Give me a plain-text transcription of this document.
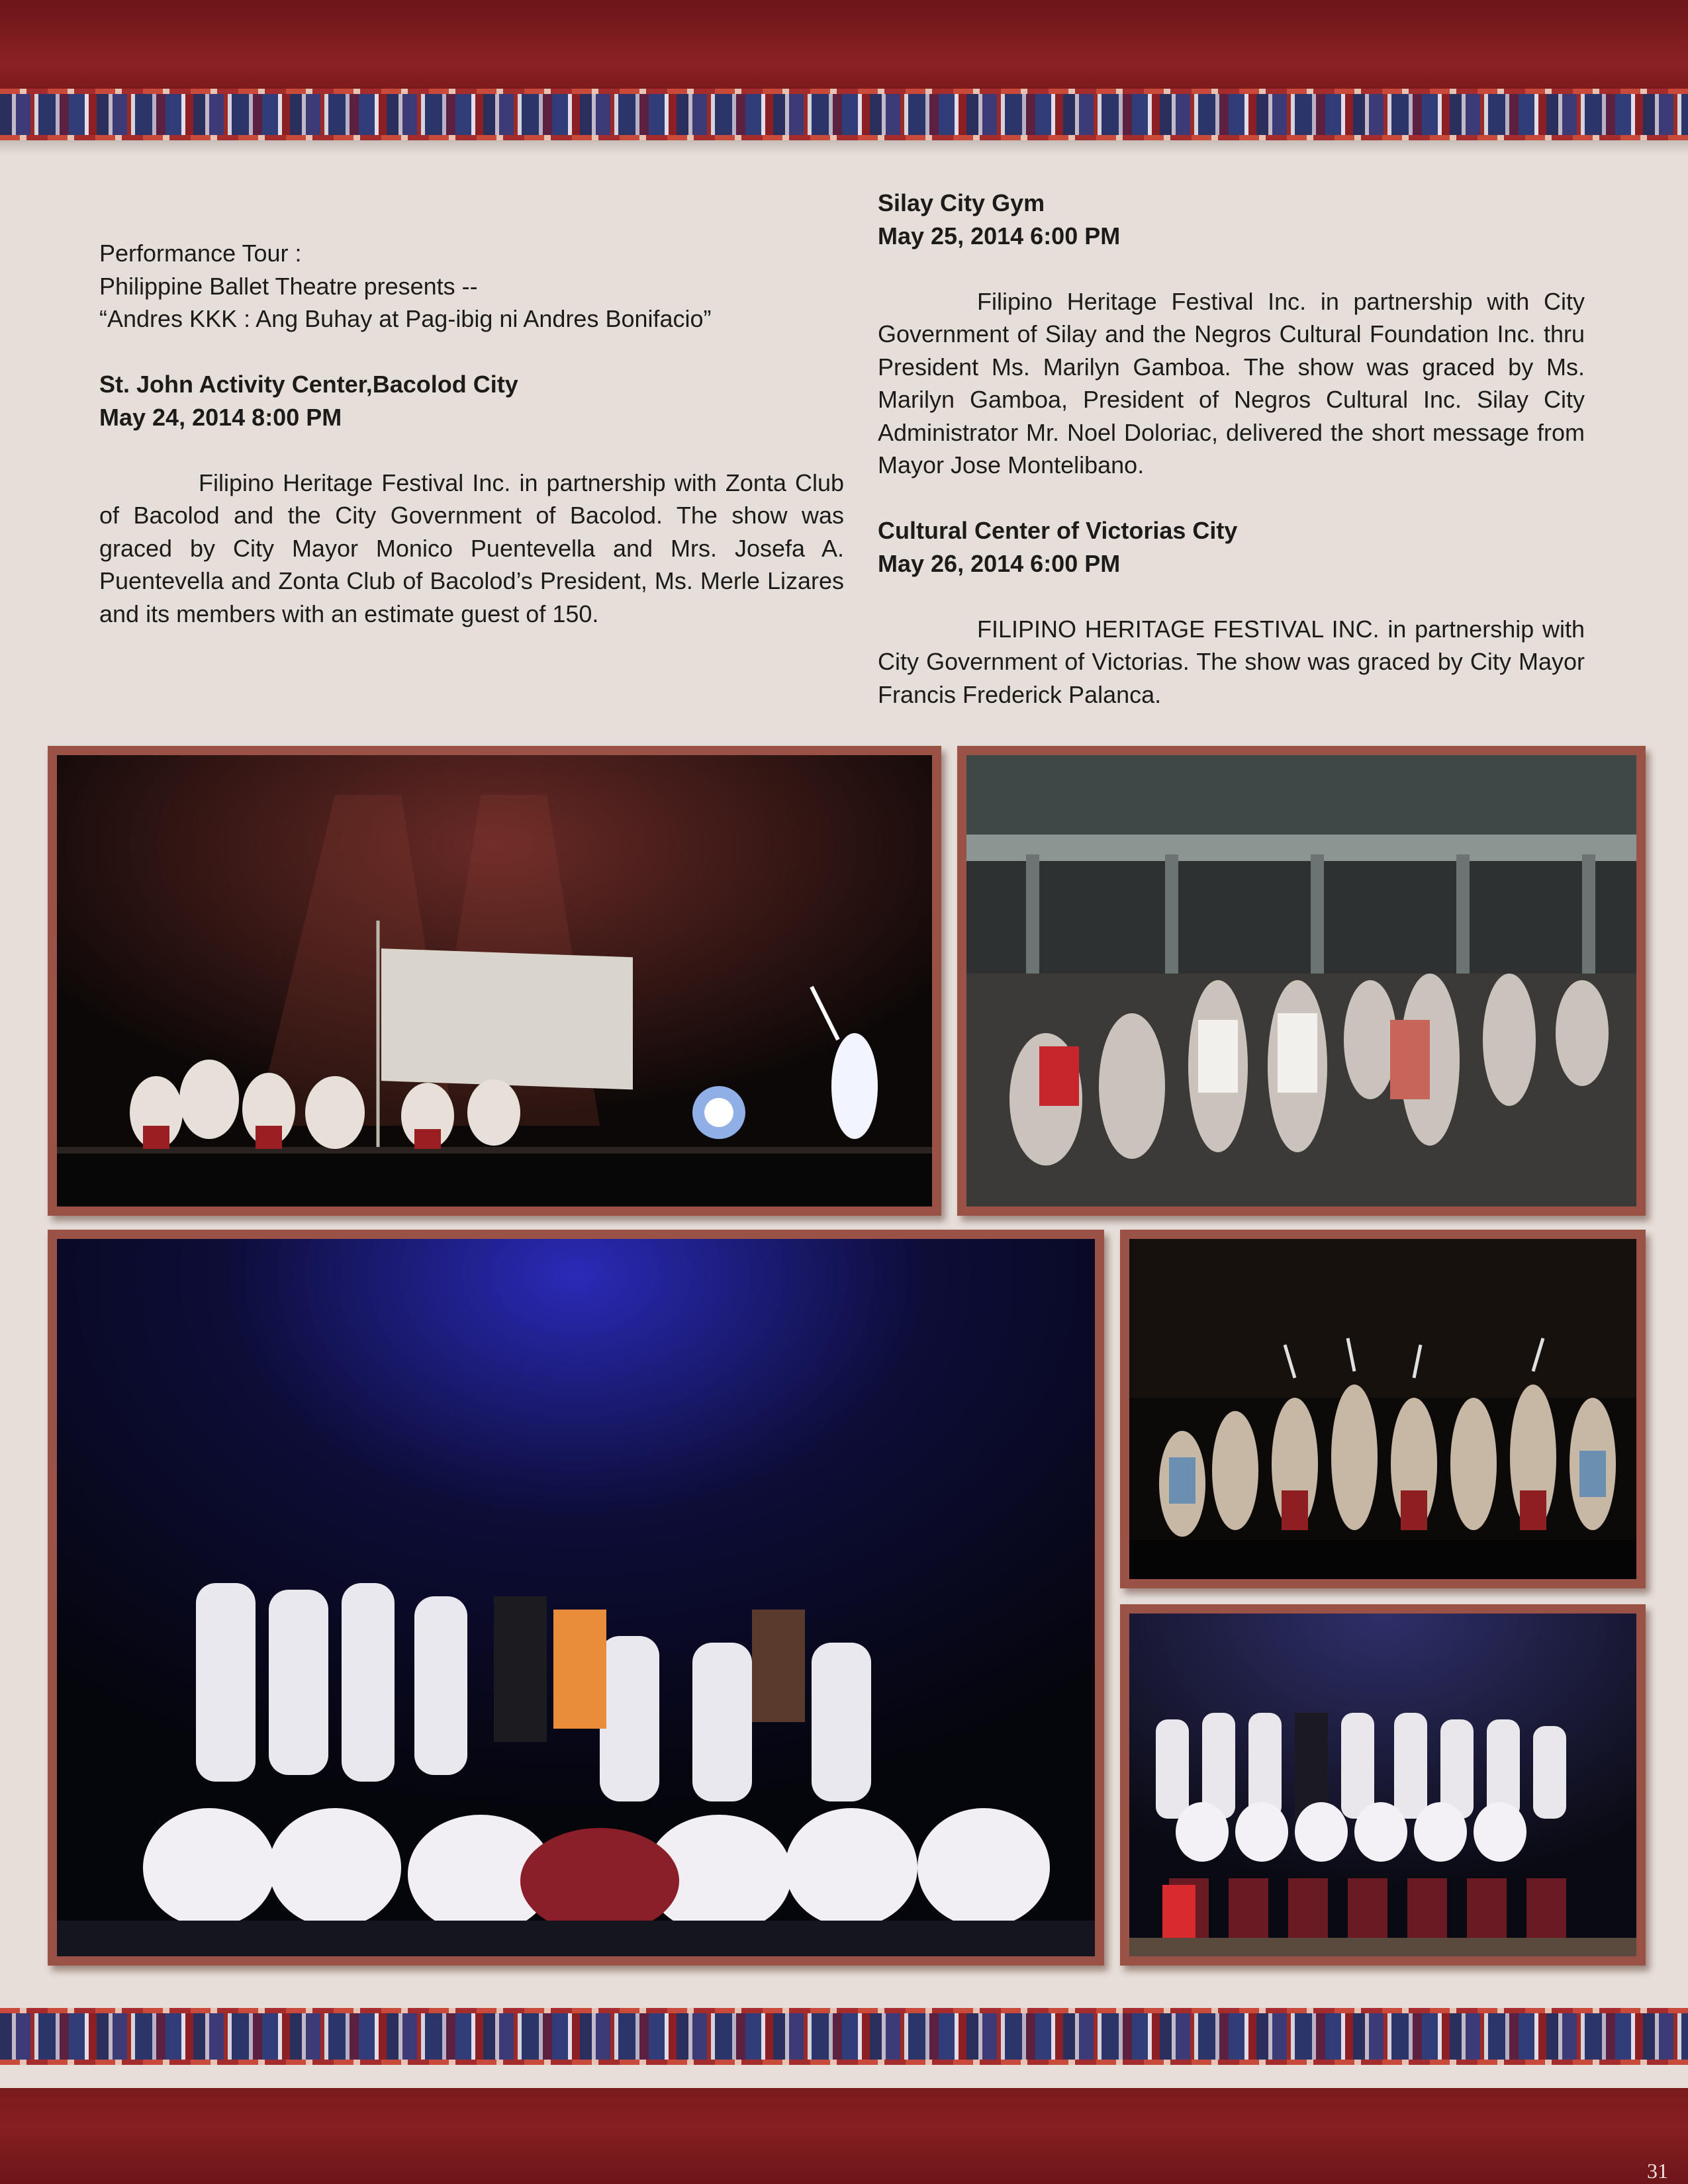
Performance Tour :

Philippine Ballet Theatre presents --

“Andres KKK : Ang Buhay at Pag-ibig ni Andres Bonifacio”

St. John Activity Center,Bacolod City

May 24, 2014 8:00 PM

Filipino Heritage Festival Inc. in partnership with Zonta Club of Bacolod and the City Government of Bacolod. The show was graced by City Mayor Monico Puentevella and Mrs. Josefa A. Puentevella and Zonta Club of Bacolod’s President, Ms. Merle Lizares and its members with an estimate guest of 150.

Silay City Gym

May 25, 2014 6:00 PM

Filipino Heritage Festival Inc. in partnership with City Government of Silay and the Negros Cultural Foundation Inc. thru President Ms. Marilyn Gamboa. The show was graced by Ms. Marilyn Gamboa, President of Negros Cultural Inc. Silay City Administrator Mr. Noel Doloriac, delivered the short message from Mayor Jose Montelibano.

Cultural Center of Victorias City

May 26, 2014 6:00 PM

FILIPINO HERITAGE FESTIVAL INC. in partnership with City Government of Victorias. The show was graced by City Mayor Francis Frederick Palanca.

31
